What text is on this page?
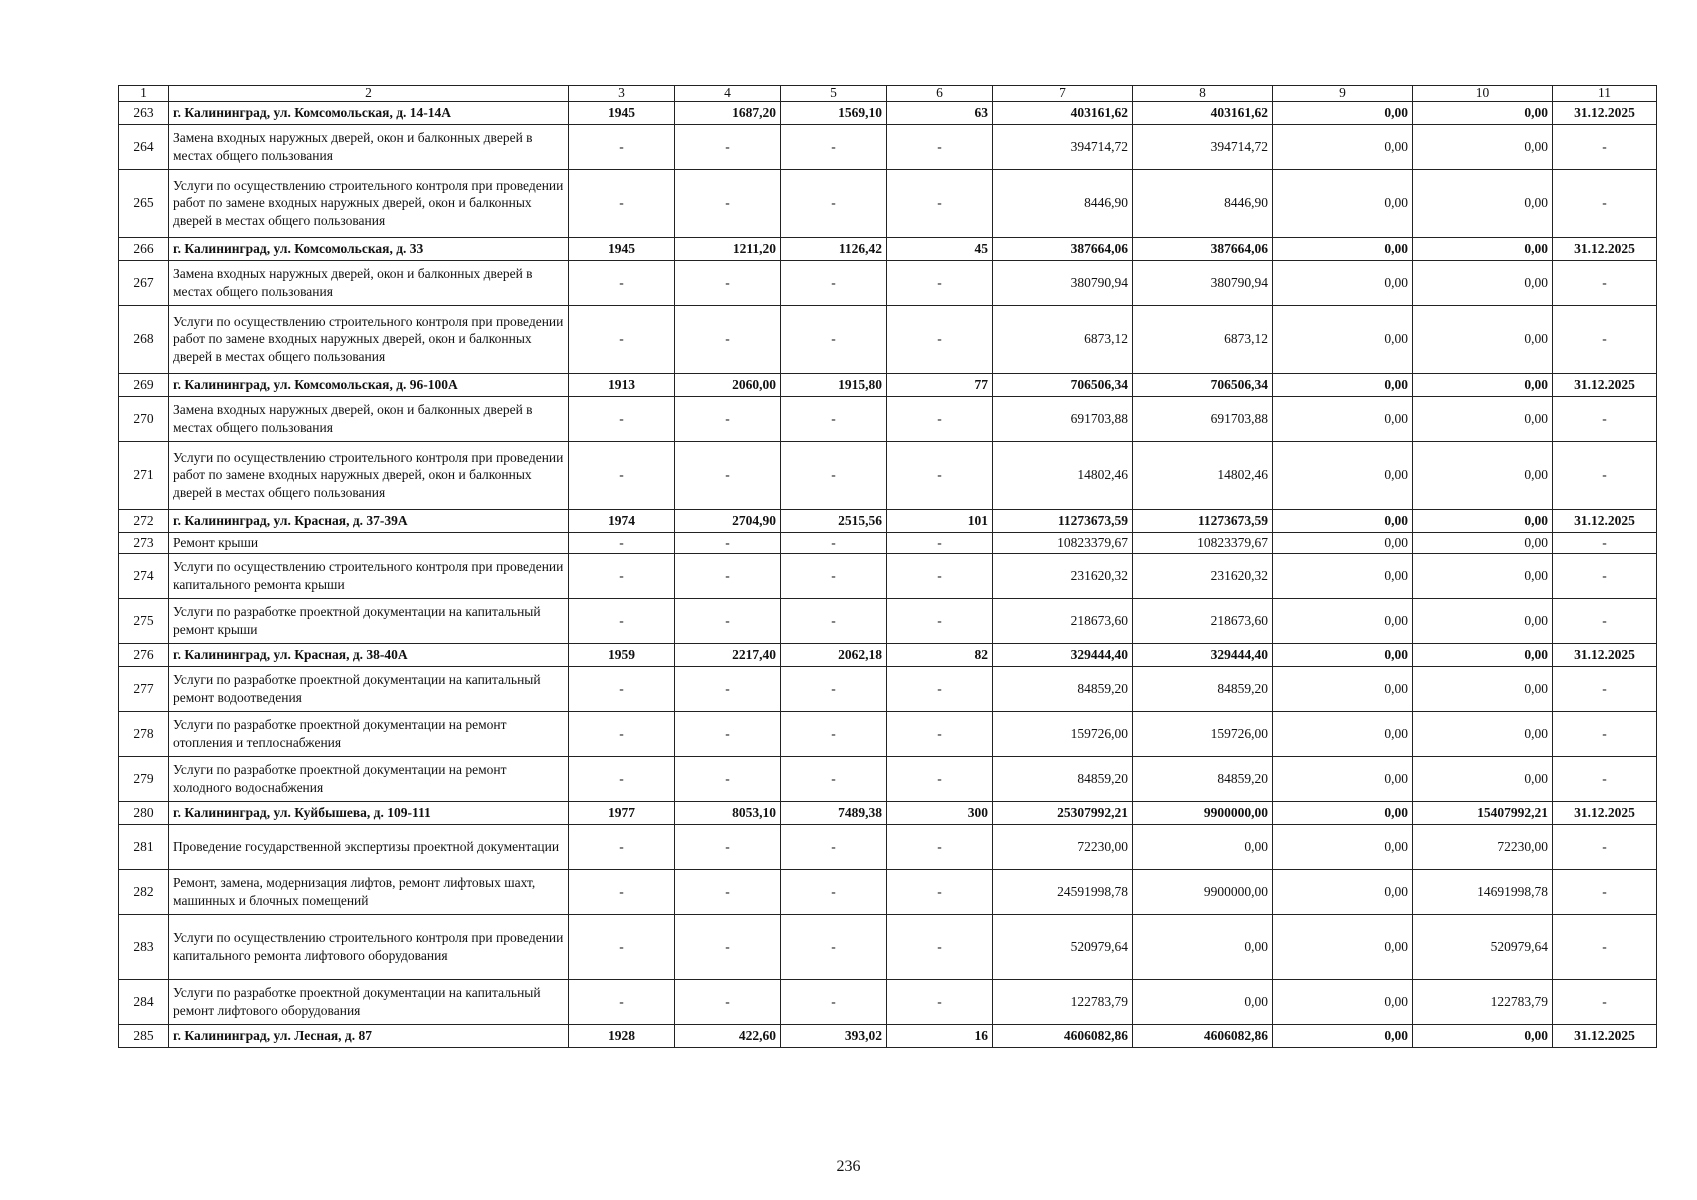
1	2	3	4	5	6	7	8	9	10	11
263	г. Калининград, ул. Комсомольская, д. 14-14А	1945	1687,20	1569,10	63	403161,62	403161,62	0,00	0,00	31.12.2025
264	Замена входных наружных дверей, окон и балконных дверей в местах общего пользования	-	-	-	-	394714,72	394714,72	0,00	0,00	-
265	Услуги по осуществлению строительного контроля при проведении работ по замене входных наружных дверей, окон и балконных дверей в местах общего пользования	-	-	-	-	8446,90	8446,90	0,00	0,00	-
266	г. Калининград, ул. Комсомольская, д. 33	1945	1211,20	1126,42	45	387664,06	387664,06	0,00	0,00	31.12.2025
267	Замена входных наружных дверей, окон и балконных дверей в местах общего пользования	-	-	-	-	380790,94	380790,94	0,00	0,00	-
268	Услуги по осуществлению строительного контроля при проведении работ по замене входных наружных дверей, окон и балконных дверей в местах общего пользования	-	-	-	-	6873,12	6873,12	0,00	0,00	-
269	г. Калининград, ул. Комсомольская, д. 96-100А	1913	2060,00	1915,80	77	706506,34	706506,34	0,00	0,00	31.12.2025
270	Замена входных наружных дверей, окон и балконных дверей в местах общего пользования	-	-	-	-	691703,88	691703,88	0,00	0,00	-
271	Услуги по осуществлению строительного контроля при проведении работ по замене входных наружных дверей, окон и балконных дверей в местах общего пользования	-	-	-	-	14802,46	14802,46	0,00	0,00	-
272	г. Калининград, ул. Красная, д. 37-39А	1974	2704,90	2515,56	101	11273673,59	11273673,59	0,00	0,00	31.12.2025
273	Ремонт крыши	-	-	-	-	10823379,67	10823379,67	0,00	0,00	-
274	Услуги по осуществлению строительного контроля при проведении капитального ремонта крыши	-	-	-	-	231620,32	231620,32	0,00	0,00	-
275	Услуги по разработке проектной документации на капитальный ремонт крыши	-	-	-	-	218673,60	218673,60	0,00	0,00	-
276	г. Калининград, ул. Красная, д. 38-40А	1959	2217,40	2062,18	82	329444,40	329444,40	0,00	0,00	31.12.2025
277	Услуги по разработке проектной документации на капитальный ремонт водоотведения	-	-	-	-	84859,20	84859,20	0,00	0,00	-
278	Услуги по разработке проектной документации на ремонт отопления и теплоснабжения	-	-	-	-	159726,00	159726,00	0,00	0,00	-
279	Услуги по разработке проектной документации на ремонт холодного водоснабжения	-	-	-	-	84859,20	84859,20	0,00	0,00	-
280	г. Калининград, ул. Куйбышева, д. 109-111	1977	8053,10	7489,38	300	25307992,21	9900000,00	0,00	15407992,21	31.12.2025
281	Проведение государственной экспертизы проектной документации	-	-	-	-	72230,00	0,00	0,00	72230,00	-
282	Ремонт, замена, модернизация лифтов, ремонт лифтовых шахт, машинных и блочных помещений	-	-	-	-	24591998,78	9900000,00	0,00	14691998,78	-
283	Услуги по осуществлению строительного контроля при проведении капитального ремонта лифтового оборудования	-	-	-	-	520979,64	0,00	0,00	520979,64	-
284	Услуги по разработке проектной документации на капитальный ремонт лифтового оборудования	-	-	-	-	122783,79	0,00	0,00	122783,79	-
285	г. Калининград, ул. Лесная, д. 87	1928	422,60	393,02	16	4606082,86	4606082,86	0,00	0,00	31.12.2025
236
